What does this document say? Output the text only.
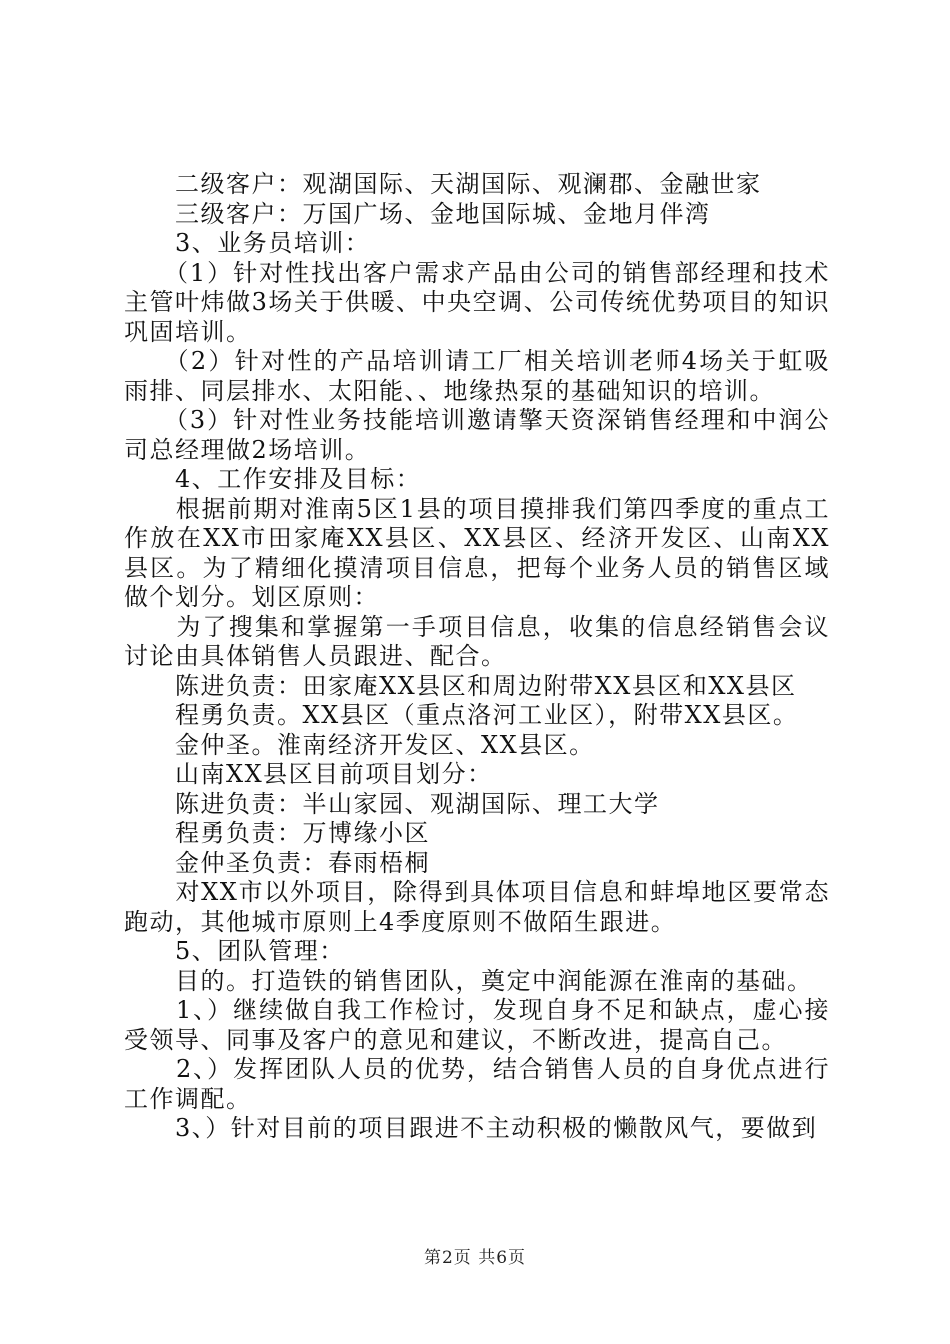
　　二级客户：观湖国际、天湖国际、观澜郡、金融世家

　　三级客户：万国广场、金地国际城、金地月伴湾

　　3、业务员培训：

　　（1）针对性找出客户需求产品由公司的销售部经理和技术主管叶炜做3场关于供暖、中央空调、公司传统优势项目的知识巩固培训。

　　（2）针对性的产品培训请工厂相关培训老师4场关于虹吸雨排、同层排水、太阳能、、地缘热泵的基础知识的培训。

　　（3）针对性业务技能培训邀请擎天资深销售经理和中润公司总经理做2场培训。

　　4、工作安排及目标：

　　根据前期对淮南5区1县的项目摸排我们第四季度的重点工作放在XX市田家庵XX县区、XX县区、经济开发区、山南XX县区。为了精细化摸清项目信息，把每个业务人员的销售区域做个划分。划区原则：

　　为了搜集和掌握第一手项目信息，收集的信息经销售会议讨论由具体销售人员跟进、配合。

　　陈进负责：田家庵XX县区和周边附带XX县区和XX县区

　　程勇负责。XX县区（重点洛河工业区），附带XX县区。

　　金仲圣。淮南经济开发区、XX县区。

　　山南XX县区目前项目划分：

　　陈进负责：半山家园、观湖国际、理工大学

　　程勇负责：万博缘小区

　　金仲圣负责：春雨梧桐

　　对XX市以外项目，除得到具体项目信息和蚌埠地区要常态跑动，其他城市原则上4季度原则不做陌生跟进。

　　5、团队管理：

　　目的。打造铁的销售团队，奠定中润能源在淮南的基础。

　　1、）继续做自我工作检讨，发现自身不足和缺点，虚心接受领导、同事及客户的意见和建议，不断改进，提高自己。

　　2、）发挥团队人员的优势，结合销售人员的自身优点进行工作调配。

　　3、）针对目前的项目跟进不主动积极的懒散风气，要做到

第2页 共6页
